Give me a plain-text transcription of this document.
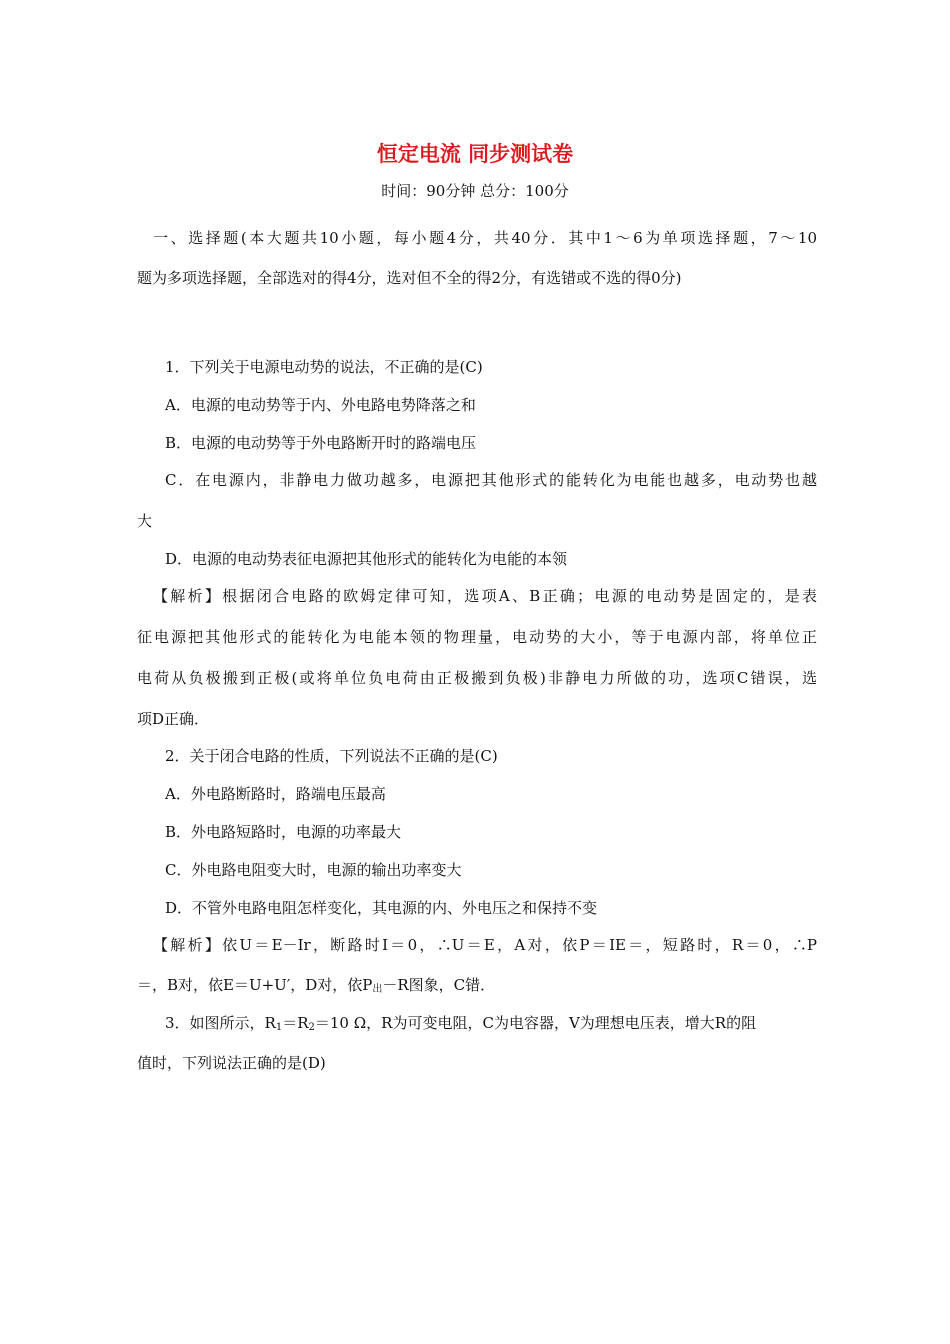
恒定电流 同步测试卷
时间：90分钟 总分：100分
一、选择题(本大题共10小题，每小题4分，共40分．其中1～6为单项选择题，7～10
题为多项选择题，全部选对的得4分，选对但不全的得2分，有选错或不选的得0分)
1．下列关于电源电动势的说法，不正确的是(C)
A．电源的电动势等于内、外电路电势降落之和
B．电源的电动势等于外电路断开时的路端电压
C．在电源内，非静电力做功越多，电源把其他形式的能转化为电能也越多，电动势也越
大
D．电源的电动势表征电源把其他形式的能转化为电能的本领
【解析】根据闭合电路的欧姆定律可知，选项A、B正确；电源的电动势是固定的，是表
征电源把其他形式的能转化为电能本领的物理量，电动势的大小，等于电源内部，将单位正
电荷从负极搬到正极(或将单位负电荷由正极搬到负极)非静电力所做的功，选项C错误，选
项D正确．
2．关于闭合电路的性质，下列说法不正确的是(C)
A．外电路断路时，路端电压最高
B．外电路短路时，电源的功率最大
C．外电路电阻变大时，电源的输出功率变大
D．不管外电路电阻怎样变化，其电源的内、外电压之和保持不变
【解析】依U＝E－Ir，断路时I＝0，∴U＝E，A对，依P＝IE＝，短路时，R＝0，∴P
＝，B对，依E＝U+U′，D对，依$P_出-R$图象，C错．
3．如图所示，$R_1=R_2=10$ Ω，R为可变电阻，C为电容器，V为理想电压表，增大R的阻
值时，下列说法正确的是(D)
